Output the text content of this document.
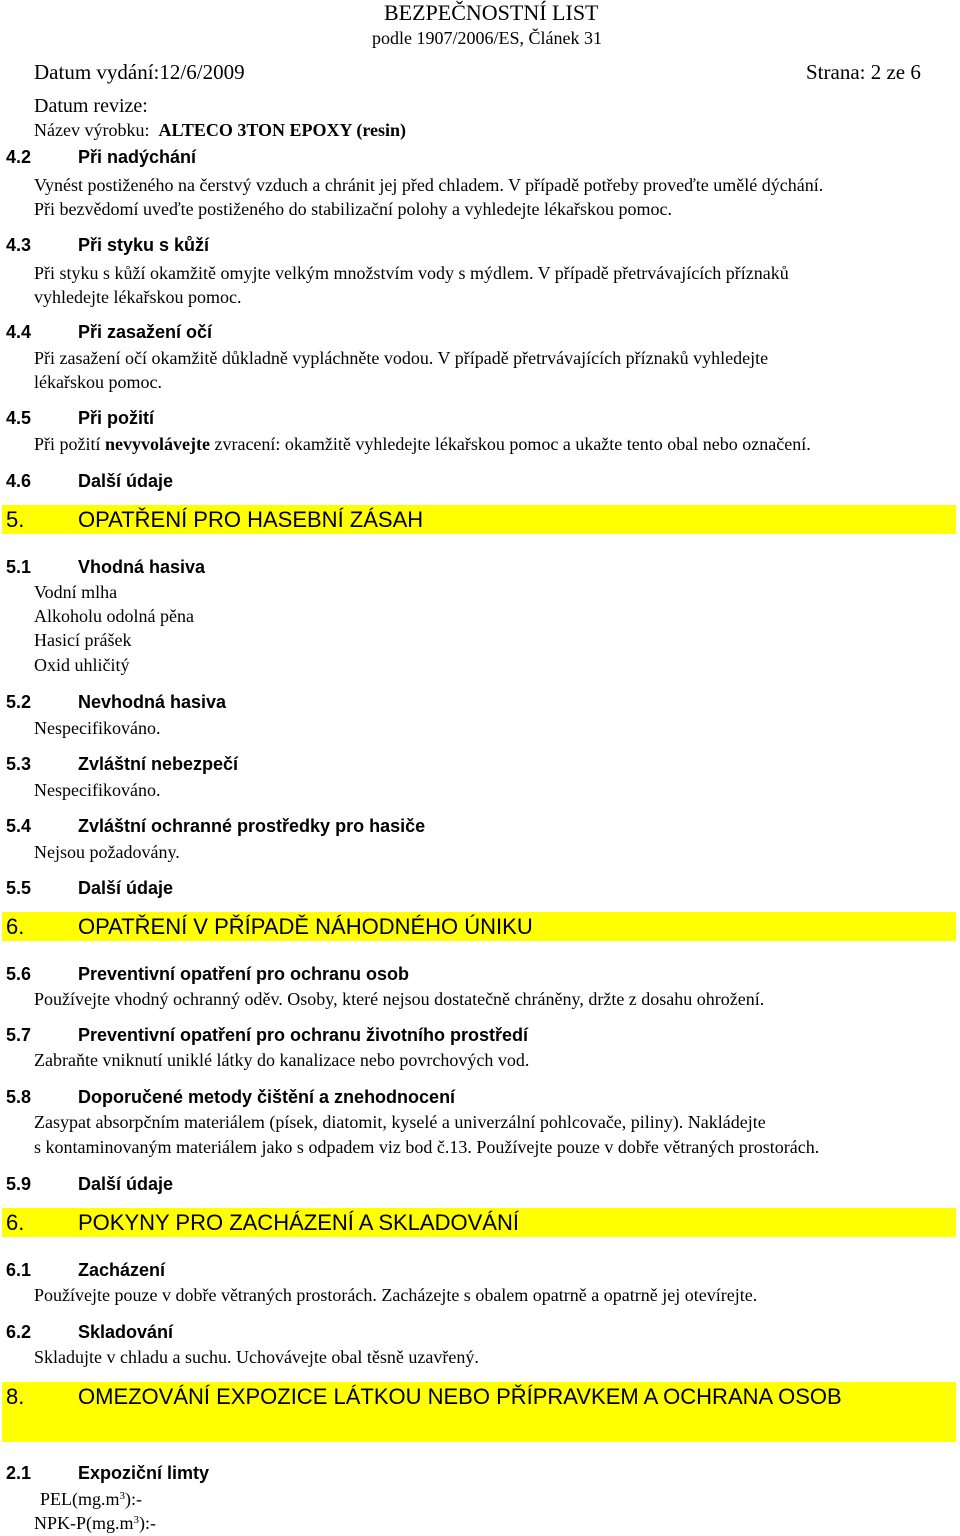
BEZPEČNOSTNÍ LIST
podle 1907/2006/ES, Článek 31
Datum vydání:12/6/2009	Strana: 2 ze 6
Datum revize:
Název výrobku: ALTECO 3TON EPOXY (resin)
4.2	Při nadýchání
Vynést postiženého na čerstvý vzduch a chránit jej před chladem. V případě potřeby proveďte umělé dýchání.
Při bezvědomí uveďte postiženého do stabilizační polohy a vyhledejte lékařskou pomoc.
4.3	Při styku s kůží
Při styku s kůží okamžitě omyjte velkým množstvím vody s mýdlem. V případě přetrvávajících příznaků
vyhledejte lékařskou pomoc.
4.4	Při zasažení očí
Při zasažení očí okamžitě důkladně vypláchněte vodou. V případě přetrvávajících příznaků vyhledejte
lékařskou pomoc.
4.5	Při požití
Při požití nevyvolávejte zvracení: okamžitě vyhledejte lékařskou pomoc a ukažte tento obal nebo označení.
4.6	Další údaje
5. OPATŘENÍ PRO HASEBNÍ ZÁSAH
5.1	Vhodná hasiva
Vodní mlha
Alkoholu odolná pěna
Hasicí prášek
Oxid uhličitý
5.2	Nevhodná hasiva
Nespecifikováno.
5.3	Zvláštní nebezpečí
Nespecifikováno.
5.4	Zvláštní ochranné prostředky pro hasiče
Nejsou požadovány.
5.5	Další údaje
6. OPATŘENÍ V PŘÍPADĚ NÁHODNÉHO ÚNIKU
5.6	Preventivní opatření pro ochranu osob
Používejte vhodný ochranný oděv. Osoby, které nejsou dostatečně chráněny, držte z dosahu ohrožení.
5.7	Preventivní opatření pro ochranu životního prostředí
Zabraňte vniknutí uniklé látky do kanalizace nebo povrchových vod.
5.8	Doporučené metody čištění a znehodnocení
Zasypat absorpčním materiálem (písek, diatomit, kyselé a univerzální pohlcovače, piliny). Nakládejte
s kontaminovaným materiálem jako s odpadem viz bod č.13. Používejte pouze v dobře větraných prostorách.
5.9	Další údaje
6. POKYNY PRO ZACHÁZENÍ A SKLADOVÁNÍ
6.1	Zacházení
Používejte pouze v dobře větraných prostorách. Zacházejte s obalem opatrně a opatrně jej otevírejte.
6.2	Skladování
Skladujte v chladu a suchu. Uchovávejte obal těsně uzavřený.
8. OMEZOVÁNÍ EXPOZICE LÁTKOU NEBO PŘÍPRAVKEM A OCHRANA OSOB
2.1	Expoziční limty
$PEL(mg.m^3):-$
NPK-$P(mg.m^3):-$
